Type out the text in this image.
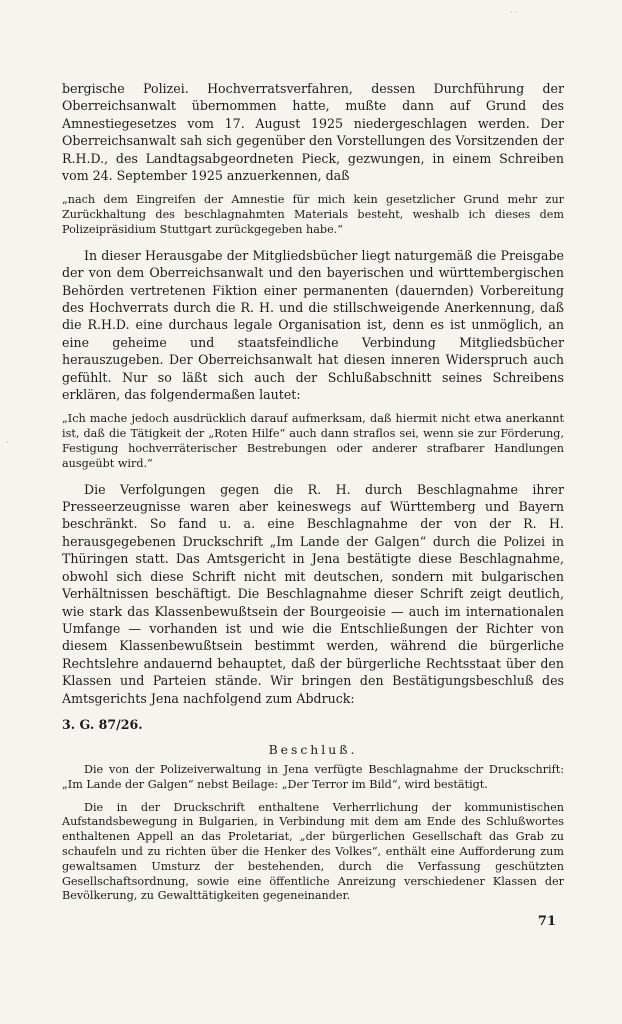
· ·
·

bergische Polizei. Hochverratsverfahren, dessen Durchführung der Oberreichsanwalt übernommen hatte, mußte dann auf Grund des Amnestiegesetzes vom 17. August 1925 niedergeschlagen werden. Der Oberreichsanwalt sah sich gegenüber den Vorstellungen des Vorsitzenden der R.H.D., des Landtagsabgeordneten Pieck, gezwungen, in einem Schreiben vom 24. September 1925 anzuerkennen, daß

„nach dem Eingreifen der Amnestie für mich kein gesetzlicher Grund mehr zur Zurückhaltung des beschlagnahmten Materials besteht, weshalb ich dieses dem Polizeipräsidium Stuttgart zurückgegeben habe.“

In dieser Herausgabe der Mitgliedsbücher liegt naturgemäß die Preisgabe der von dem Oberreichsanwalt und den bayerischen und württembergischen Behörden vertretenen Fiktion einer permanenten (dauernden) Vorbereitung des Hochverrats durch die R. H. und die stillschweigende Anerkennung, daß die R.H.D. eine durchaus legale Organisation ist, denn es ist unmöglich, an eine geheime und staatsfeindliche Verbindung Mitgliedsbücher herauszugeben. Der Oberreichsanwalt hat diesen inneren Widerspruch auch gefühlt. Nur so läßt sich auch der Schlußabschnitt seines Schreibens erklären, das folgendermaßen lautet:

„Ich mache jedoch ausdrücklich darauf aufmerksam, daß hiermit nicht etwa anerkannt ist, daß die Tätigkeit der „Roten Hilfe“ auch dann straflos sei, wenn sie zur Förderung, Festigung hochverräterischer Bestrebungen oder anderer strafbarer Handlungen ausgeübt wird.“

Die Verfolgungen gegen die R. H. durch Beschlagnahme ihrer Presseerzeugnisse waren aber keineswegs auf Württemberg und Bayern beschränkt. So fand u. a. eine Beschlagnahme der von der R. H. herausgegebenen Druckschrift „Im Lande der Galgen“ durch die Polizei in Thüringen statt. Das Amtsgericht in Jena bestätigte diese Beschlagnahme, obwohl sich diese Schrift nicht mit deutschen, sondern mit bulgarischen Verhältnissen beschäftigt. Die Beschlagnahme dieser Schrift zeigt deutlich, wie stark das Klassenbewußtsein der Bourgeoisie — auch im internationalen Umfange — vorhanden ist und wie die Entschließungen der Richter von diesem Klassenbewußtsein bestimmt werden, während die bürgerliche Rechtslehre andauernd behauptet, daß der bürgerliche Rechtsstaat über den Klassen und Parteien stände. Wir bringen den Bestätigungsbeschluß des Amtsgerichts Jena nachfolgend zum Abdruck:

3. G. 87/26.

Beschluß.

Die von der Polizeiverwaltung in Jena verfügte Beschlagnahme der Druckschrift: „Im Lande der Galgen“ nebst Beilage: „Der Terror im Bild“, wird bestätigt.

Die in der Druckschrift enthaltene Verherrlichung der kommunistischen Aufstandsbewegung in Bulgarien, in Verbindung mit dem am Ende des Schlußwortes enthaltenen Appell an das Proletariat, „der bürgerlichen Gesellschaft das Grab zu schaufeln und zu richten über die Henker des Volkes“, enthält eine Aufforderung zum gewaltsamen Umsturz der bestehenden, durch die Verfassung geschützten Gesellschaftsordnung, sowie eine öffentliche Anreizung verschiedener Klassen der Bevölkerung, zu Gewalttätigkeiten gegeneinander.

71
